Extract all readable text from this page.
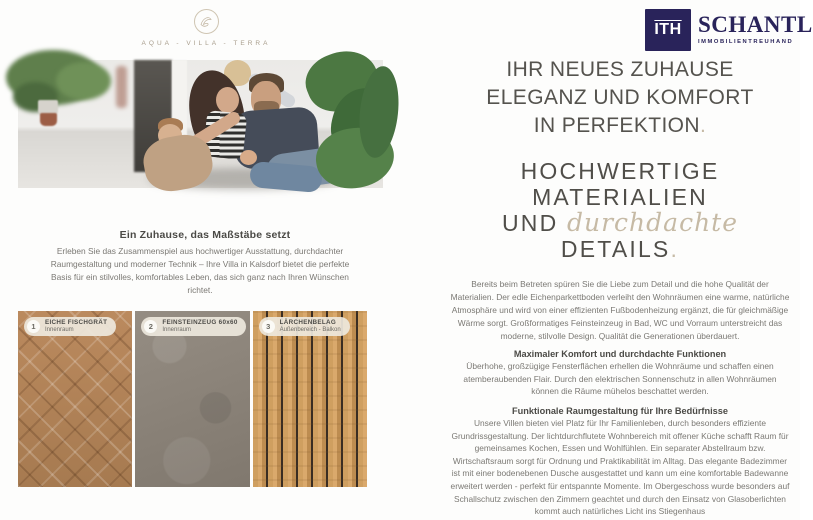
AQUA - VILLA - TERRA
Ein Zuhause, das Maßstäbe setzt

Erleben Sie das Zusammenspiel aus hochwertiger Ausstattung, durchdachter Raumgestaltung und moderner Technik – Ihre Villa in Kalsdorf bietet die perfekte Basis für ein stilvolles, komfortables Leben, das sich ganz nach Ihren Wünschen richtet.

1	EICHE FISCHGRÄT
Innenraum	2	FEINSTEINZEUG 60x60
Innenraum	3	LÄRCHENBELAG
Außenbereich - Balkon
$\overline{ITH}$ SCHANTL
IMMOBILIENTREUHAND
IHR NEUES ZUHAUSE
ELEGANZ UND KOMFORT
IN PERFEKTION.
HOCHWERTIGE
MATERIALIEN
UND durchdachte
DETAILS.

Bereits beim Betreten spüren Sie die Liebe zum Detail und die hohe Qualität der Materialien. Der edle Eichenparkettboden verleiht den Wohnräumen eine warme, natürliche Atmosphäre und wird von einer effizienten Fußbodenheizung ergänzt, die für gleichmäßige Wärme sorgt. Großformatiges Feinsteinzeug in Bad, WC und Vorraum unterstreicht das moderne, stilvolle Design. Qualität die Generationen überdauert.

Maximaler Komfort und durchdachte Funktionen

Überhohe, großzügige Fensterflächen erhellen die Wohnräume und schaffen einen atemberaubenden Flair. Durch den elektrischen Sonnenschutz in allen Wohnräumen können die Räume mühelos beschattet werden.

Funktionale Raumgestaltung für Ihre Bedürfnisse

Unsere Villen bieten viel Platz für Ihr Familienleben, durch besonders effiziente Grundrissgestaltung. Der lichtdurchflutete Wohnbereich mit offener Küche schafft Raum für gemeinsames Kochen, Essen und Wohlfühlen. Ein separater Abstellraum bzw. Wirtschaftsraum sorgt für Ordnung und Praktikabilität im Alltag. Das elegante Badezimmer ist mit einer bodenebenen Dusche ausgestattet und kann um eine komfortable Badewanne erweitert werden - perfekt für entspannte Momente. Im Obergeschoss wurde besonders auf Schallschutz zwischen den Zimmern geachtet und durch den Einsatz von Glasoberlichten kommt auch natürliches Licht ins Stiegenhaus
